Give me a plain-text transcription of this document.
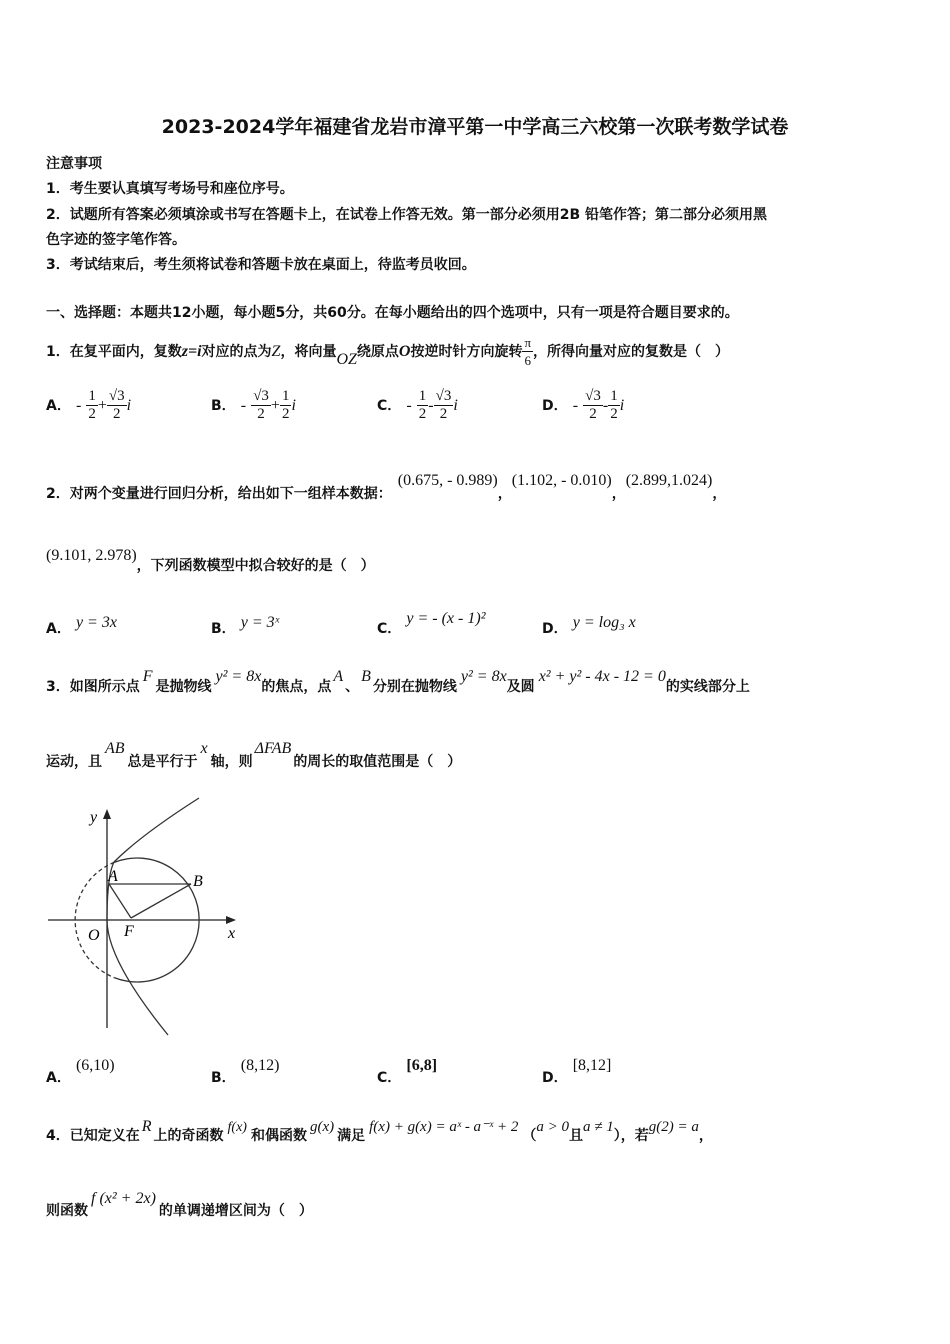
2023-2024学年福建省龙岩市漳平第一中学高三六校第一次联考数学试卷
注意事项
1．考生要认真填写考场号和座位序号。
2．试题所有答案必须填涂或书写在答题卡上，在试卷上作答无效。第一部分必须用2B 铅笔作答；第二部分必须用黑
色字迹的签字笔作答。
3．考试结束后，考生须将试卷和答题卡放在桌面上，待监考员收回。
一、选择题：本题共12小题，每小题5分，共60分。在每小题给出的四个选项中，只有一项是符合题目要求的。
1．在复平面内，复数z=i对应的点为Z，将向量OZ绕原点O按逆时针方向旋转 $\frac{\pi}{6}$ ，所得向量对应的复数是（　）
A． - $\frac{1}{2} + \frac{√3}{2}$ i	B． - $\frac{√3}{2} + \frac{1}{2}$ i	C． - $\frac{1}{2} - \frac{√3}{2}$ i	D． - $\frac{√3}{2} - \frac{1}{2}$ i
2．对两个变量进行回归分析，给出如下一组样本数据：(0.675, - 0.989)，(1.102, - 0.010)，(2.899,1.024)，
(9.101, 2.978)，下列函数模型中拟合较好的是（　）
A． y = 3x	B． y = 3ˣ	C． y = - (x - 1)²
D． y = log₃ x
3．如图所示点F是抛物线y² = 8x的焦点，点A、B分别在抛物线y² = 8x及圆x² + y² - 4x - 12 = 0的实线部分上
运动，且AB总是平行于x轴，则ΔFAB的周长的取值范围是（　）
y
x
O F
A	B
A． (6,10)
B． (8,12)
C． [6,8]
D． [8,12]
4．已知定义在R上的奇函数f(x)和偶函数g(x)满足f(x) + g(x) = aˣ - a⁻ˣ + 2（a > 0且a ≠ 1），若g(2) = a，
则函数f (x² + 2x)的单调递增区间为（　）
